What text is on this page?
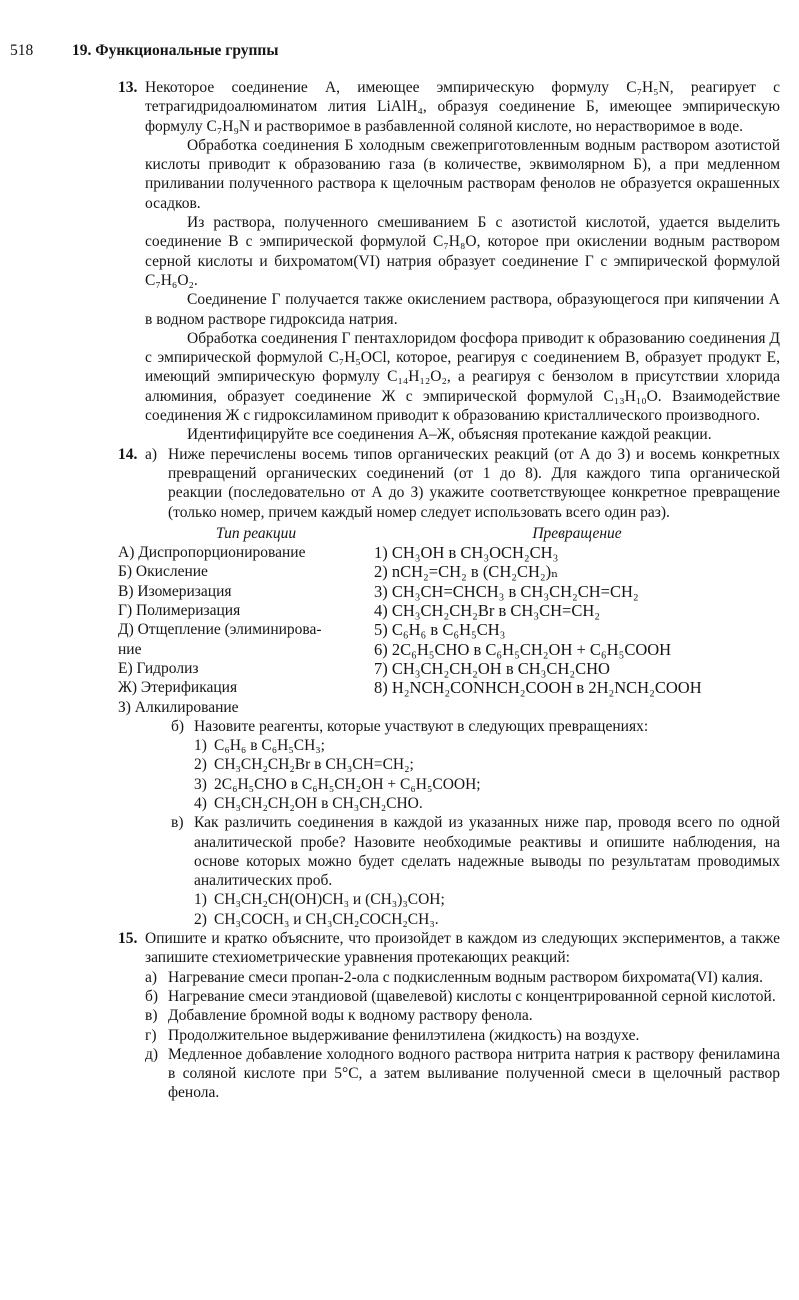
518	19. Функциональные группы
13. Некоторое соединение А, имеющее эмпирическую формулу C₇H₅N, реагирует с тетрагидридоалюминатом лития LiAlH₄, образуя соединение Б, имеющее эмпирическую формулу C₇H₉N и растворимое в разбавленной соляной кислоте, но нерастворимое в воде.

Обработка соединения Б холодным свежеприготовленным водным раствором азотистой кислоты приводит к образованию газа (в количестве, эквимолярном Б), а при медленном приливании полученного раствора к щелочным растворам фенолов не образуется окрашенных осадков.

Из раствора, полученного смешиванием Б с азотистой кислотой, удается выделить соединение В с эмпирической формулой C₇H₈O, которое при окислении водным раствором серной кислоты и бихроматом(VI) натрия образует соединение Г с эмпирической формулой C₇H₆O₂.

Соединение Г получается также окислением раствора, образующегося при кипячении А в водном растворе гидроксида натрия.

Обработка соединения Г пентахлоридом фосфора приводит к образованию соединения Д с эмпирической формулой C₇H₅OCl, которое, реагируя с соединением В, образует продукт Е, имеющий эмпирическую формулу C₁₄H₁₂O₂, а реагируя с бензолом в присутствии хлорида алюминия, образует соединение Ж с эмпирической формулой C₁₃H₁₀O. Взаимодействие соединения Ж с гидроксиламином приводит к образованию кристаллического производного.

Идентифицируйте все соединения А–Ж, объясняя протекание каждой реакции.

14. а) Ниже перечислены восемь типов органических реакций (от А до З) и восемь конкретных превращений органических соединений (от 1 до 8). Для каждого типа органической реакции (последовательно от А до З) укажите соответствующее конкретное превращение (только номер, причем каждый номер следует использовать всего один раз).

Тип реакции
А) Диспропорционирование
Б) Окисление
В) Изомеризация
Г) Полимеризация
Д) Отщепление (элиминирова-
ние
Е) Гидролиз
Ж) Этерификация
З) Алкилирование
Превращение
1) CH₃OH в CH₃OCH₂CH₃
2) nCH₂=CH₂ в (CH₂CH₂)ₙ
3) CH₃CH=CHCH₃ в CH₃CH₂CH=CH₂
4) CH₃CH₂CH₂Br в CH₃CH=CH₂
5) C₆H₆ в C₆H₅CH₃
6) 2C₆H₅CHO в C₆H₅CH₂OH + C₆H₅COOH
7) CH₃CH₂CH₂OH в CH₃CH₂CHO
8) H₂NCH₂CONHCH₂COOH в 2H₂NCH₂COOH
б) Назовите реагенты, которые участвуют в следующих превращениях:

1) C₆H₆ в C₆H₅CH₃;
2) CH₃CH₂CH₂Br в CH₃CH=CH₂;
3) 2C₆H₅CHO в C₆H₅CH₂OH + C₆H₅COOH;
4) CH₃CH₂CH₂OH в CH₃CH₂CHO.
в) Как различить соединения в каждой из указанных ниже пар, проводя всего по одной аналитической пробе? Назовите необходимые реактивы и опишите наблюдения, на основе которых можно будет сделать надежные выводы по результатам проводимых аналитических проб.

1) CH₃CH₂CH(OH)CH₃ и (CH₃)₃COH;
2) CH₃COCH₃ и CH₃CH₂COCH₂CH₃.
15. Опишите и кратко объясните, что произойдет в каждом из следующих экспериментов, а также запишите стехиометрические уравнения протекающих реакций:

а) Нагревание смеси пропан-2-ола с подкисленным водным раствором бихромата(VI) калия.

б) Нагревание смеси этандиовой (щавелевой) кислоты с концентрированной серной кислотой.

в) Добавление бромной воды к водному раствору фенола.

г) Продолжительное выдерживание фенилэтилена (жидкость) на воздухе.

д) Медленное добавление холодного водного раствора нитрита натрия к раствору фениламина в соляной кислоте при 5°C, а затем выливание полученной смеси в щелочный раствор фенола.
